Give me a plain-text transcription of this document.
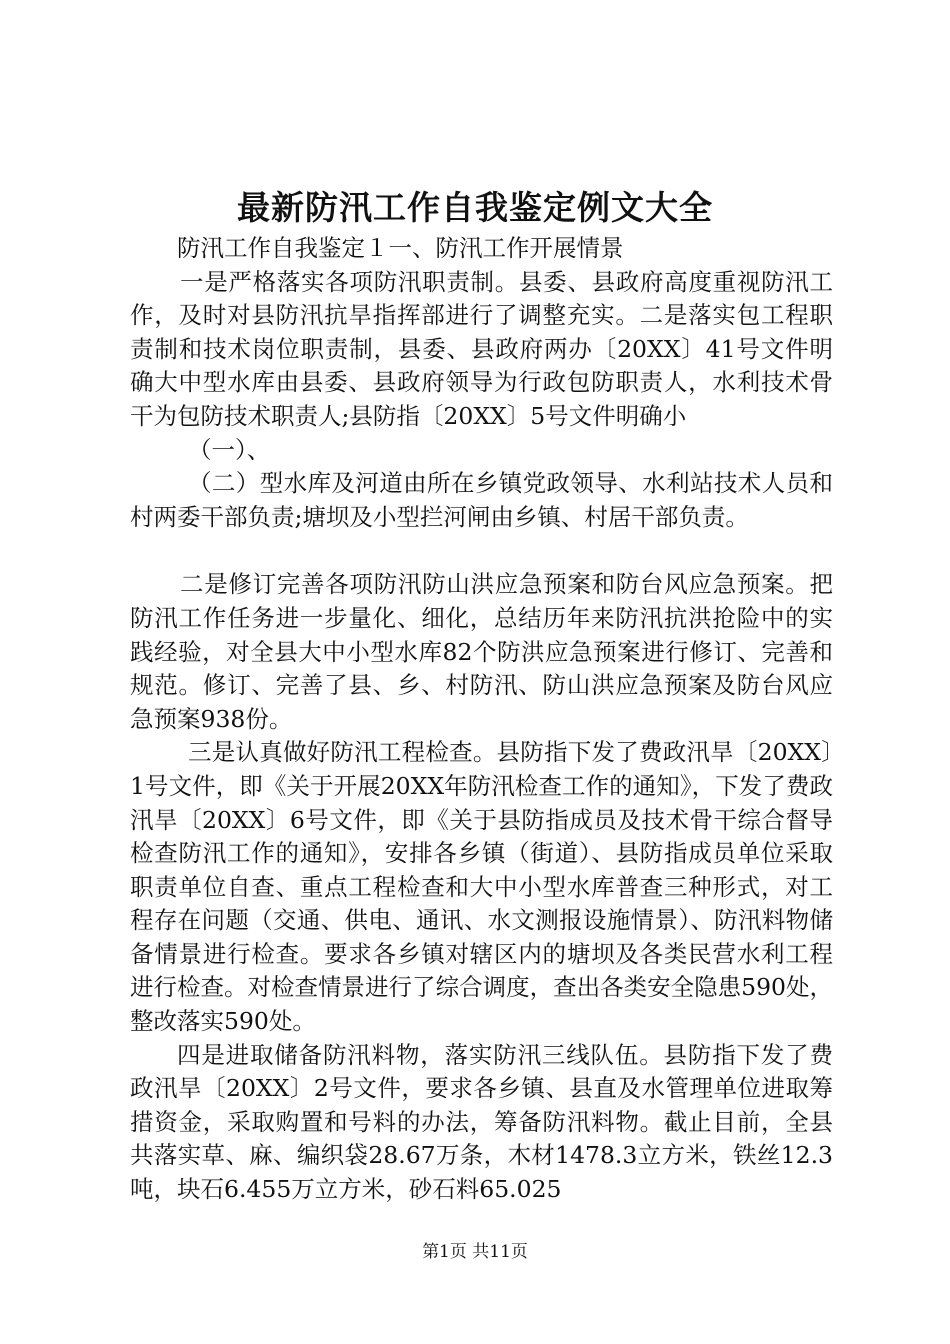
最新防汛工作自我鉴定例文大全

防汛工作自我鉴定１一、防汛工作开展情景

一是严格落实各项防汛职责制。县委、县政府高度重视防汛工作，及时对县防汛抗旱指挥部进行了调整充实。二是落实包工程职责制和技术岗位职责制，县委、县政府两办〔20XX〕41号文件明确大中型水库由县委、县政府领导为行政包防职责人，水利技术骨干为包防技术职责人;县防指〔20XX〕5号文件明确小

（一）、

（二）型水库及河道由所在乡镇党政领导、水利站技术人员和村两委干部负责;塘坝及小型拦河闸由乡镇、村居干部负责。

二是修订完善各项防汛防山洪应急预案和防台风应急预案。把防汛工作任务进一步量化、细化，总结历年来防汛抗洪抢险中的实践经验，对全县大中小型水库82个防洪应急预案进行修订、完善和规范。修订、完善了县、乡、村防汛、防山洪应急预案及防台风应急预案938份。

三是认真做好防汛工程检查。县防指下发了费政汛旱〔20XX〕1号文件，即《关于开展20XX年防汛检查工作的通知》，下发了费政汛旱〔20XX〕6号文件，即《关于县防指成员及技术骨干综合督导检查防汛工作的通知》，安排各乡镇（街道）、县防指成员单位采取职责单位自查、重点工程检查和大中小型水库普查三种形式，对工程存在问题（交通、供电、通讯、水文测报设施情景）、防汛料物储备情景进行检查。要求各乡镇对辖区内的塘坝及各类民营水利工程进行检查。对检查情景进行了综合调度，查出各类安全隐患590处，整改落实590处。

四是进取储备防汛料物，落实防汛三线队伍。县防指下发了费政汛旱〔20XX〕2号文件，要求各乡镇、县直及水管理单位进取筹措资金，采取购置和号料的办法，筹备防汛料物。截止目前，全县共落实草、麻、编织袋28.67万条，木材1478.3立方米，铁丝12.3吨，块石6.455万立方米，砂石料65.025

第1页 共11页
